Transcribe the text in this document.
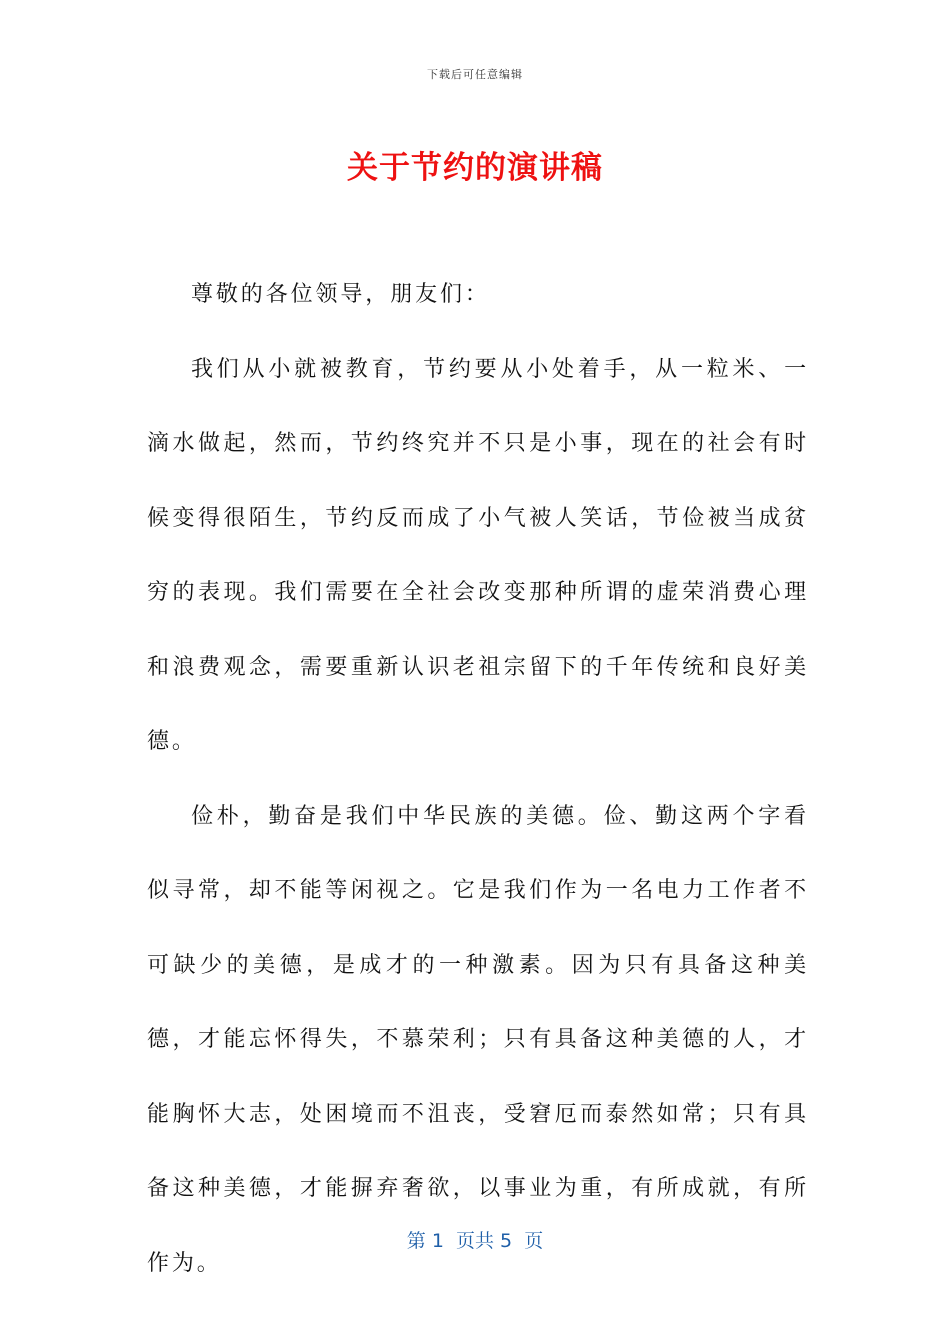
下载后可任意编辑
关于节约的演讲稿

尊敬的各位领导，朋友们：

我们从小就被教育，节约要从小处着手，从一粒米、一滴水做起，然而，节约终究并不只是小事，现在的社会有时候变得很陌生，节约反而成了小气被人笑话，节俭被当成贫穷的表现。我们需要在全社会改变那种所谓的虚荣消费心理和浪费观念，需要重新认识老祖宗留下的千年传统和良好美德。

俭朴，勤奋是我们中华民族的美德。俭、勤这两个字看似寻常，却不能等闲视之。它是我们作为一名电力工作者不可缺少的美德，是成才的一种激素。因为只有具备这种美德，才能忘怀得失，不慕荣利；只有具备这种美德的人，才能胸怀大志，处困境而不沮丧，受窘厄而泰然如常；只有具备这种美德，才能摒弃奢欲，以事业为重，有所成就，有所作为。

第 1  页共 5  页
